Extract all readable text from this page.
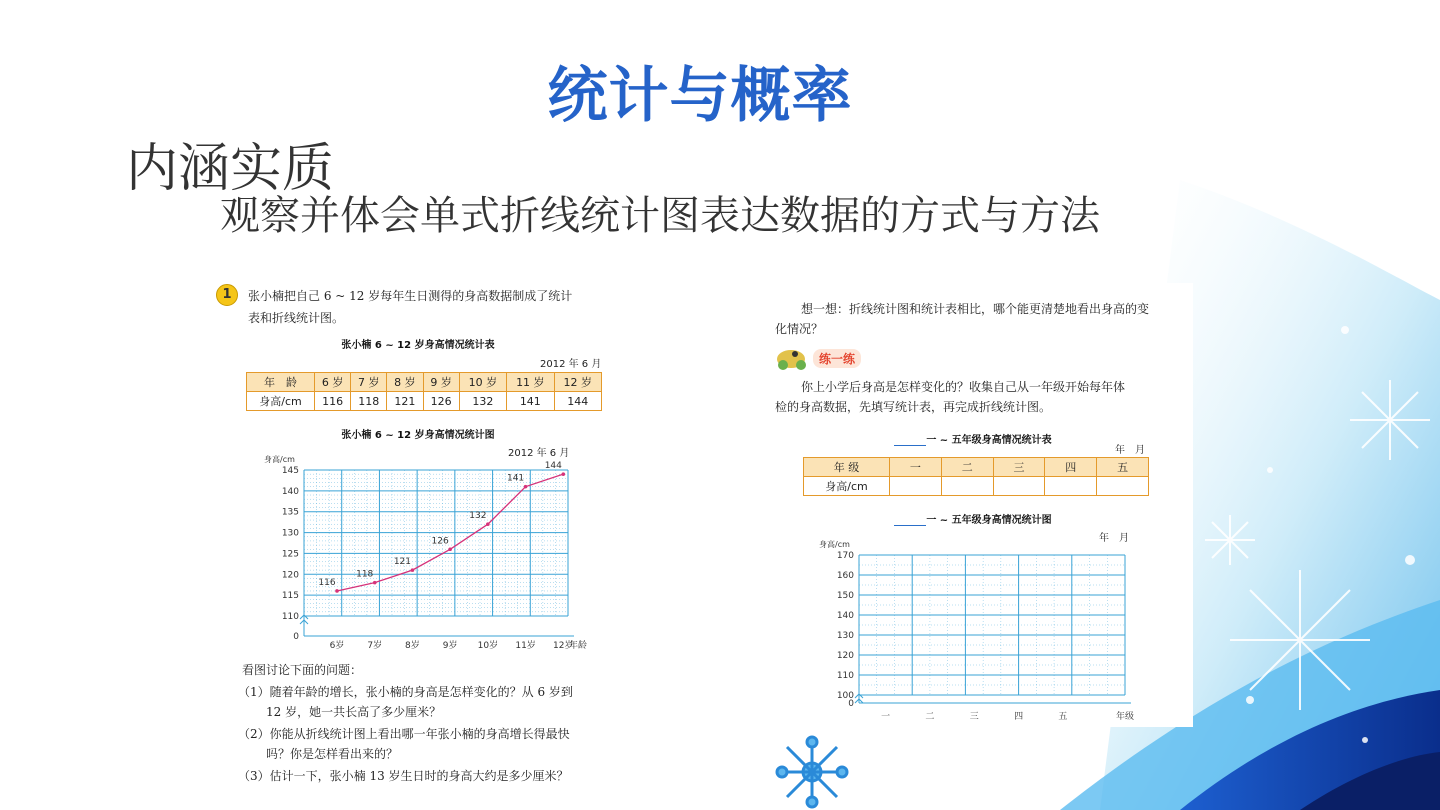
统计与概率
内涵实质
观察并体会单式折线统计图表达数据的方式与方法
1	张小楠把自己 6 ~ 12 岁每年生日测得的身高数据制成了统计
表和折线统计图。
张小楠 6 ~ 12 岁身高情况统计表
2012 年 6 月
年　龄	6 岁	7 岁	8 岁	9 岁	10 岁	11 岁	12 岁
身高/cm	116	118	121	126	132	141	144
张小楠 6 ~ 12 岁身高情况统计图
2012 年 6 月
0
110
115
120
125
130
135
140
145
身高/cm
6岁	7岁	8岁	9岁 10岁 11岁 12岁
年龄
116
118
121
126
132
141
144
看图讨论下面的问题：
（1）随着年龄的增长，张小楠的身高是怎样变化的？从 6 岁到
12 岁，她一共长高了多少厘米？
（2）你能从折线统计图上看出哪一年张小楠的身高增长得最快
吗？你是怎样看出来的？
（3）估计一下，张小楠 13 岁生日时的身高大约是多少厘米？
想一想：折线统计图和统计表相比，哪个能更清楚地看出身高的变
化情况？
练一练
你上小学后身高是怎样变化的？收集自己从一年级开始每年体
检的身高数据，先填写统计表，再完成折线统计图。
一 ~ 五年级身高情况统计表
年　月
年 级	一	二	三	四	五
身高/cm					
一 ~ 五年级身高情况统计图
年　月
0
100
110
120
130
140
150
160
170
身高/cm
一	二	三	四	五	年级
